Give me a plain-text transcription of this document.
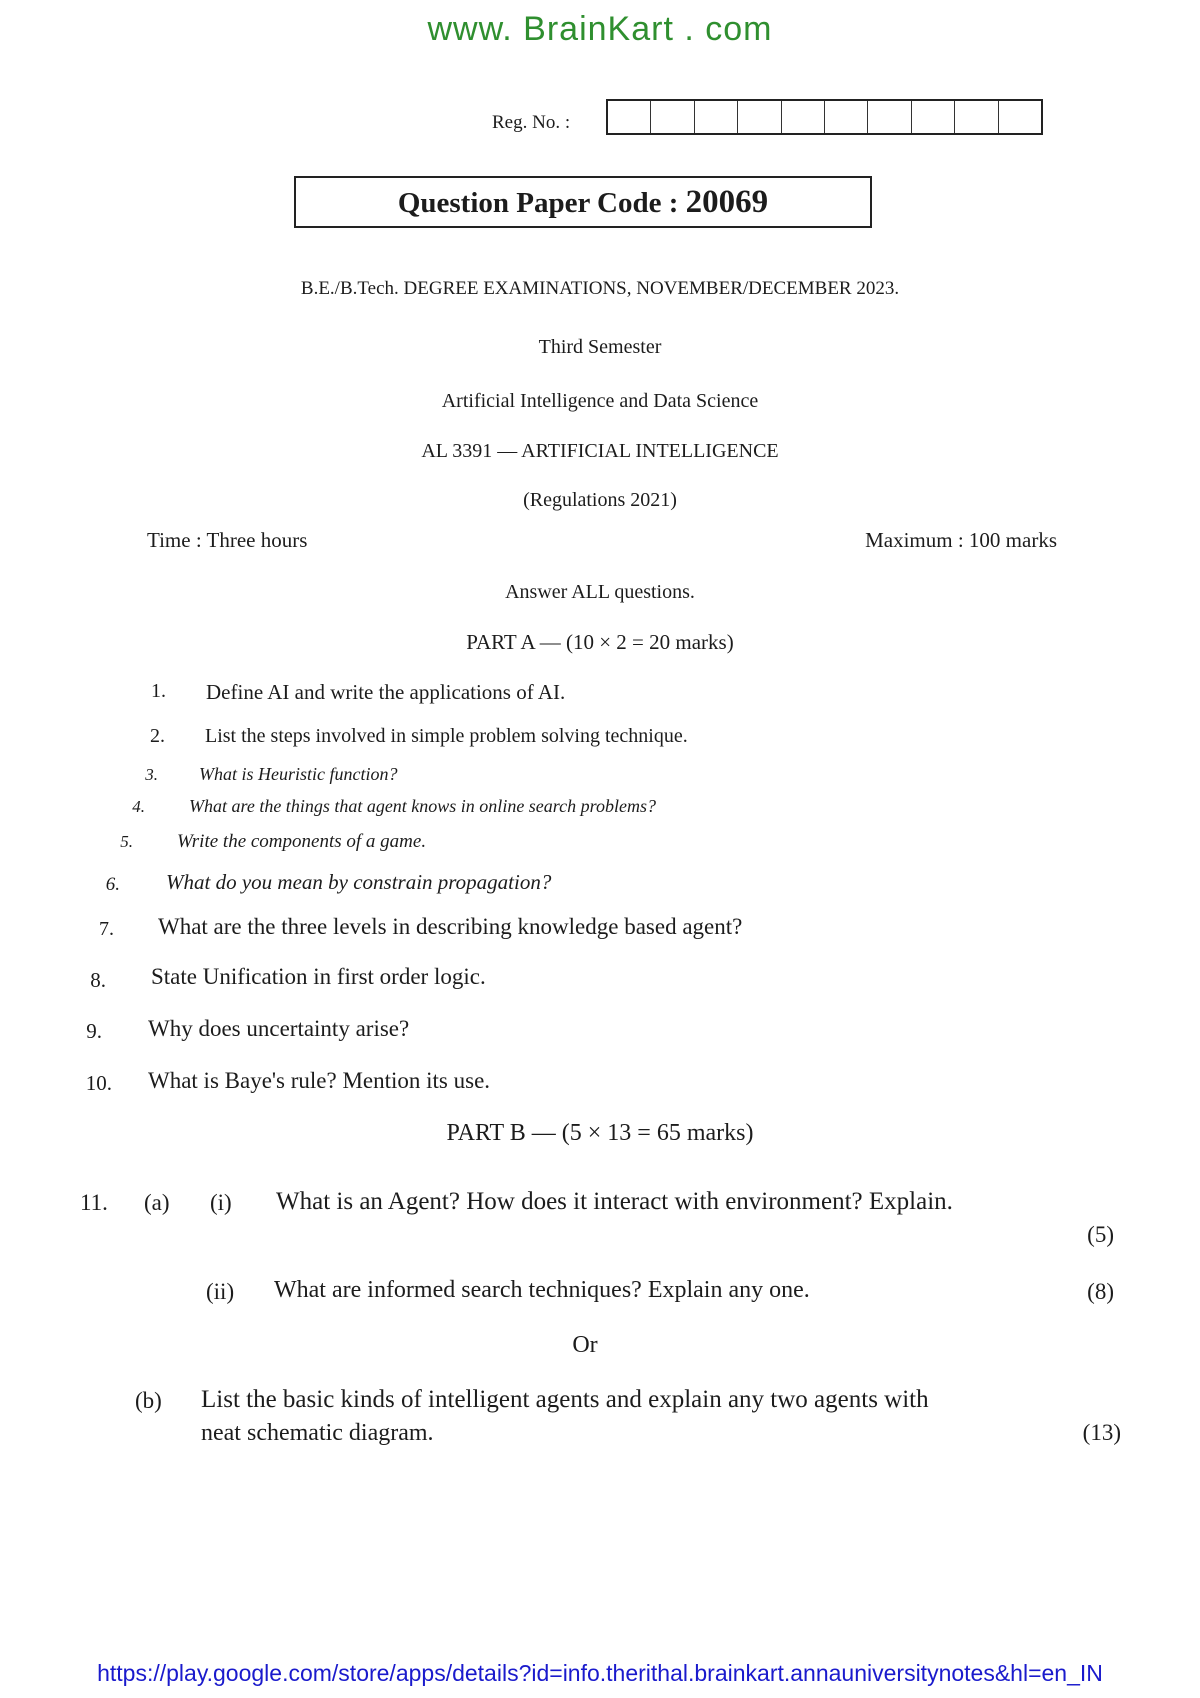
www. BrainKart . com
Reg. No. :
Question Paper Code : 20069
B.E./B.Tech. DEGREE EXAMINATIONS, NOVEMBER/DECEMBER 2023.
Third Semester
Artificial Intelligence and Data Science
AL 3391 — ARTIFICIAL INTELLIGENCE
(Regulations 2021)
Time : Three hours	Maximum : 100 marks
Answer ALL questions.
PART A — (10 × 2 = 20 marks)
1. Define AI and write the applications of AI.
2. List the steps involved in simple problem solving technique.
3. What is Heuristic function?
4. What are the things that agent knows in online search problems?
5. Write the components of a game.
6. What do you mean by constrain propagation?
7. What are the three levels in describing knowledge based agent?
8. State Unification in first order logic.
9. Why does uncertainty arise?
10. What is Baye's rule? Mention its use.
PART B — (5 × 13 = 65 marks)
11. (a) (i) What is an Agent? How does it interact with environment? Explain.
(5)
(ii) What are informed search techniques? Explain any one.	(8)
Or
(b) List the basic kinds of intelligent agents and explain any two agents with
neat schematic diagram.	(13)
https://play.google.com/store/apps/details?id=info.therithal.brainkart.annauniversitynotes&hl=en_IN
